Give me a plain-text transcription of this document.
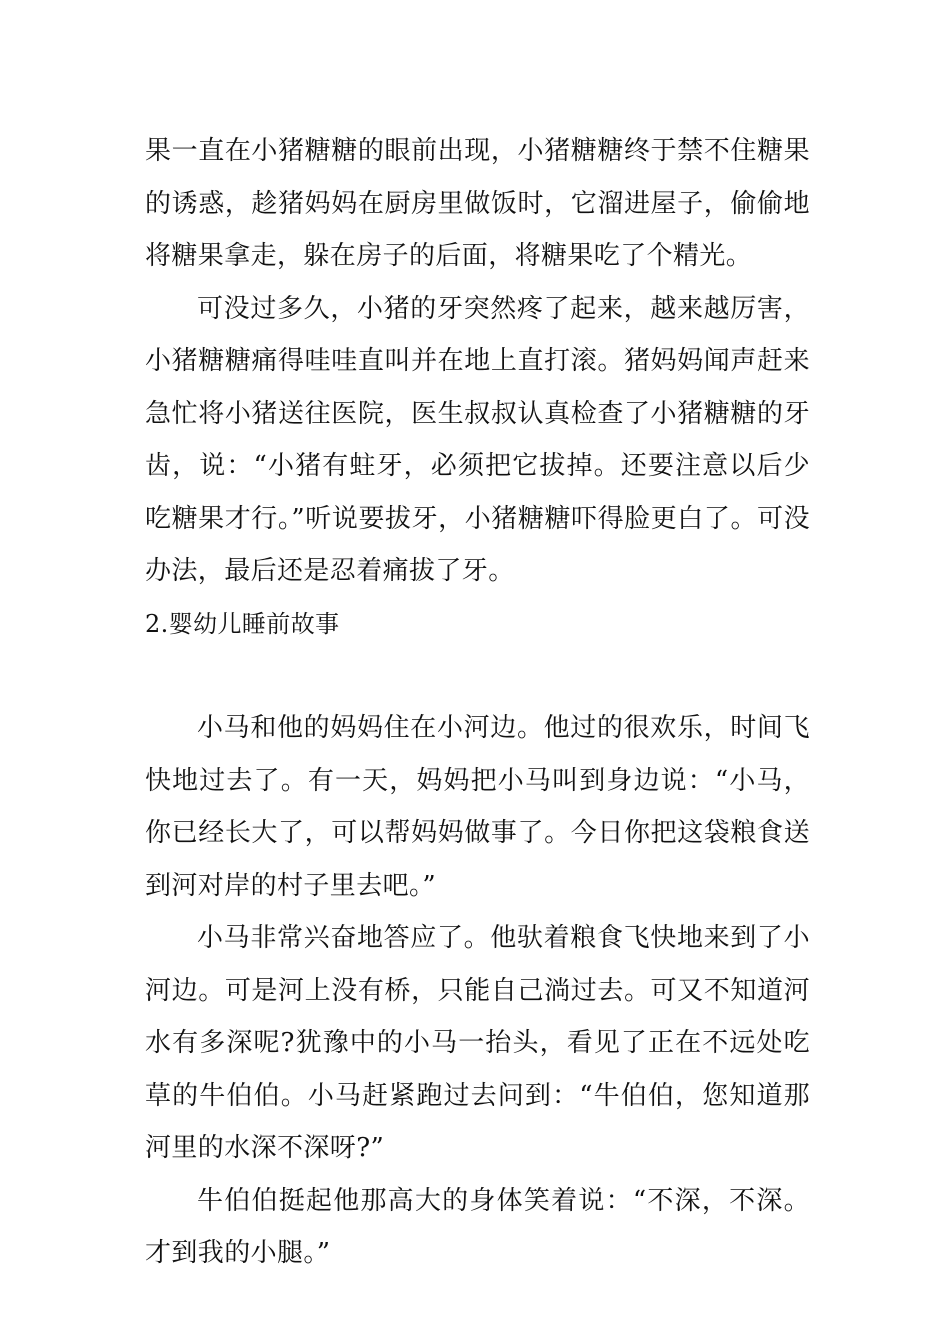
果一直在小猪糖糖的眼前出现，小猪糖糖终于禁不住糖果的诱惑，趁猪妈妈在厨房里做饭时，它溜进屋子，偷偷地将糖果拿走，躲在房子的后面，将糖果吃了个精光。

可没过多久，小猪的牙突然疼了起来，越来越厉害，小猪糖糖痛得哇哇直叫并在地上直打滚。猪妈妈闻声赶来急忙将小猪送往医院，医生叔叔认真检查了小猪糖糖的牙齿，说：“小猪有蛀牙，必须把它拔掉。还要注意以后少吃糖果才行。”听说要拔牙，小猪糖糖吓得脸更白了。可没办法，最后还是忍着痛拔了牙。

2.婴幼儿睡前故事

小马和他的妈妈住在小河边。他过的很欢乐，时间飞快地过去了。有一天，妈妈把小马叫到身边说：“小马，你已经长大了，可以帮妈妈做事了。今日你把这袋粮食送到河对岸的村子里去吧。”

小马非常兴奋地答应了。他驮着粮食飞快地来到了小河边。可是河上没有桥，只能自己淌过去。可又不知道河水有多深呢?犹豫中的小马一抬头，看见了正在不远处吃草的牛伯伯。小马赶紧跑过去问到：“牛伯伯，您知道那河里的水深不深呀?”

牛伯伯挺起他那高大的身体笑着说：“不深，不深。才到我的小腿。”
